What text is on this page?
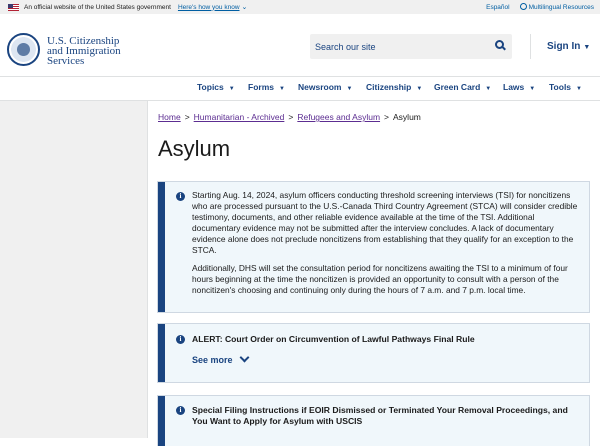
An official website of the United States government Here's how you know ⌄	Español	Multilingual Resources
U.S. Citizenship
and Immigration
Services
Search our site
Sign In ▼
Topics ▼ Forms ▼ Newsroom ▼ Citizenship ▼ Green Card ▼ Laws ▼ Tools ▼
Home > Humanitarian - Archived > Refugees and Asylum > Asylum
Asylum
i	Starting Aug. 14, 2024, asylum officers conducting threshold screening interviews (TSI) for noncitizens who are processed pursuant to the U.S.-Canada Third Country Agreement (STCA) will consider credible testimony, documents, and other reliable evidence available at the time of the TSI. Additional documentary evidence may not be submitted after the interview concludes. A lack of documentary evidence alone does not preclude noncitizens from establishing that they qualify for an exception to the STCA.

Additionally, DHS will set the consultation period for noncitizens awaiting the TSI to a minimum of four hours beginning at the time the noncitizen is provided an opportunity to consult with a person of the noncitizen's choosing and continuing only during the hours of 7 a.m. and 7 p.m. local time.

i	ALERT: Court Order on Circumvention of Lawful Pathways Final Rule
See more
i	Special Filing Instructions if EOIR Dismissed or Terminated Your Removal Proceedings, and You Want to Apply for Asylum with USCIS
